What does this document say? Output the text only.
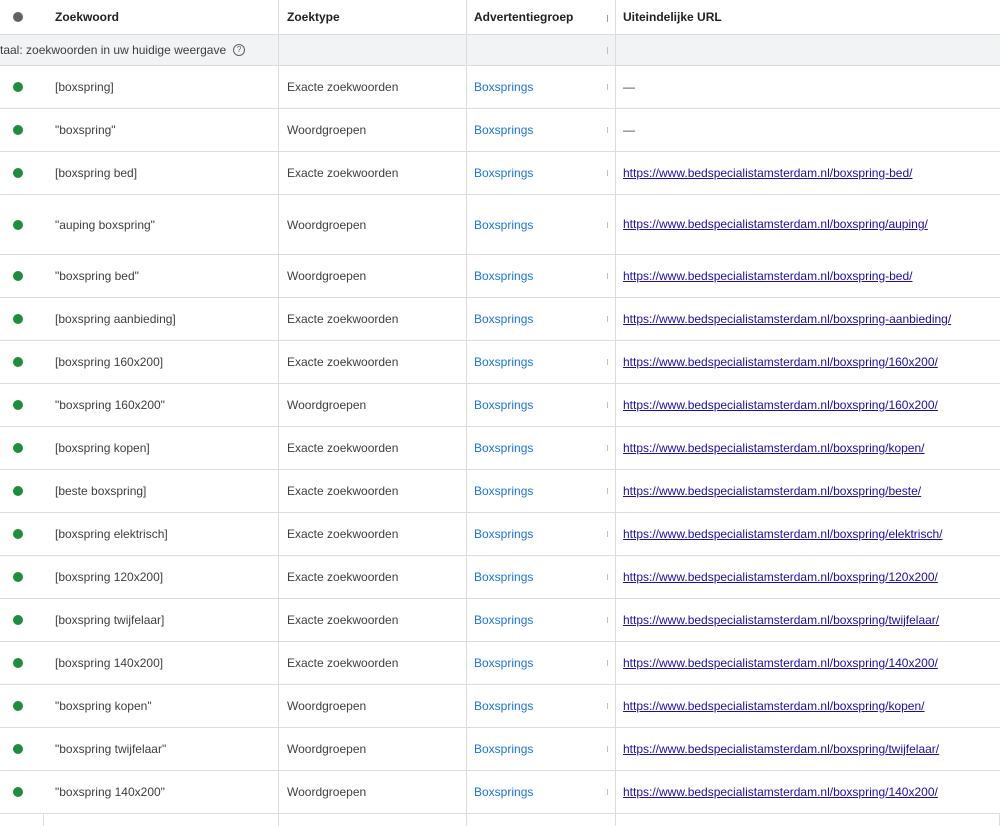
Zoekwoord	Zoektype	Advertentiegroep	Uiteindelijke URL
taal: zoekwoorden in uw huidige weergave	?
[boxspring]	Exacte zoekwoorden	Boxsprings	—
"boxspring"	Woordgroepen	Boxsprings	—
[boxspring bed]	Exacte zoekwoorden	Boxsprings	https://www.bedspecialistamsterdam.nl/boxspring-bed/
"auping boxspring"	Woordgroepen	Boxsprings	https://www.bedspecialistamsterdam.nl/boxspring/auping/
"boxspring bed"	Woordgroepen	Boxsprings	https://www.bedspecialistamsterdam.nl/boxspring-bed/
[boxspring aanbieding]	Exacte zoekwoorden	Boxsprings	https://www.bedspecialistamsterdam.nl/boxspring-aanbieding/
[boxspring 160x200]	Exacte zoekwoorden	Boxsprings	https://www.bedspecialistamsterdam.nl/boxspring/160x200/
"boxspring 160x200"	Woordgroepen	Boxsprings	https://www.bedspecialistamsterdam.nl/boxspring/160x200/
[boxspring kopen]	Exacte zoekwoorden	Boxsprings	https://www.bedspecialistamsterdam.nl/boxspring/kopen/
[beste boxspring]	Exacte zoekwoorden	Boxsprings	https://www.bedspecialistamsterdam.nl/boxspring/beste/
[boxspring elektrisch]	Exacte zoekwoorden	Boxsprings	https://www.bedspecialistamsterdam.nl/boxspring/elektrisch/
[boxspring 120x200]	Exacte zoekwoorden	Boxsprings	https://www.bedspecialistamsterdam.nl/boxspring/120x200/
[boxspring twijfelaar]	Exacte zoekwoorden	Boxsprings	https://www.bedspecialistamsterdam.nl/boxspring/twijfelaar/
[boxspring 140x200]	Exacte zoekwoorden	Boxsprings	https://www.bedspecialistamsterdam.nl/boxspring/140x200/
"boxspring kopen"	Woordgroepen	Boxsprings	https://www.bedspecialistamsterdam.nl/boxspring/kopen/
"boxspring twijfelaar"	Woordgroepen	Boxsprings	https://www.bedspecialistamsterdam.nl/boxspring/twijfelaar/
"boxspring 140x200"	Woordgroepen	Boxsprings	https://www.bedspecialistamsterdam.nl/boxspring/140x200/
